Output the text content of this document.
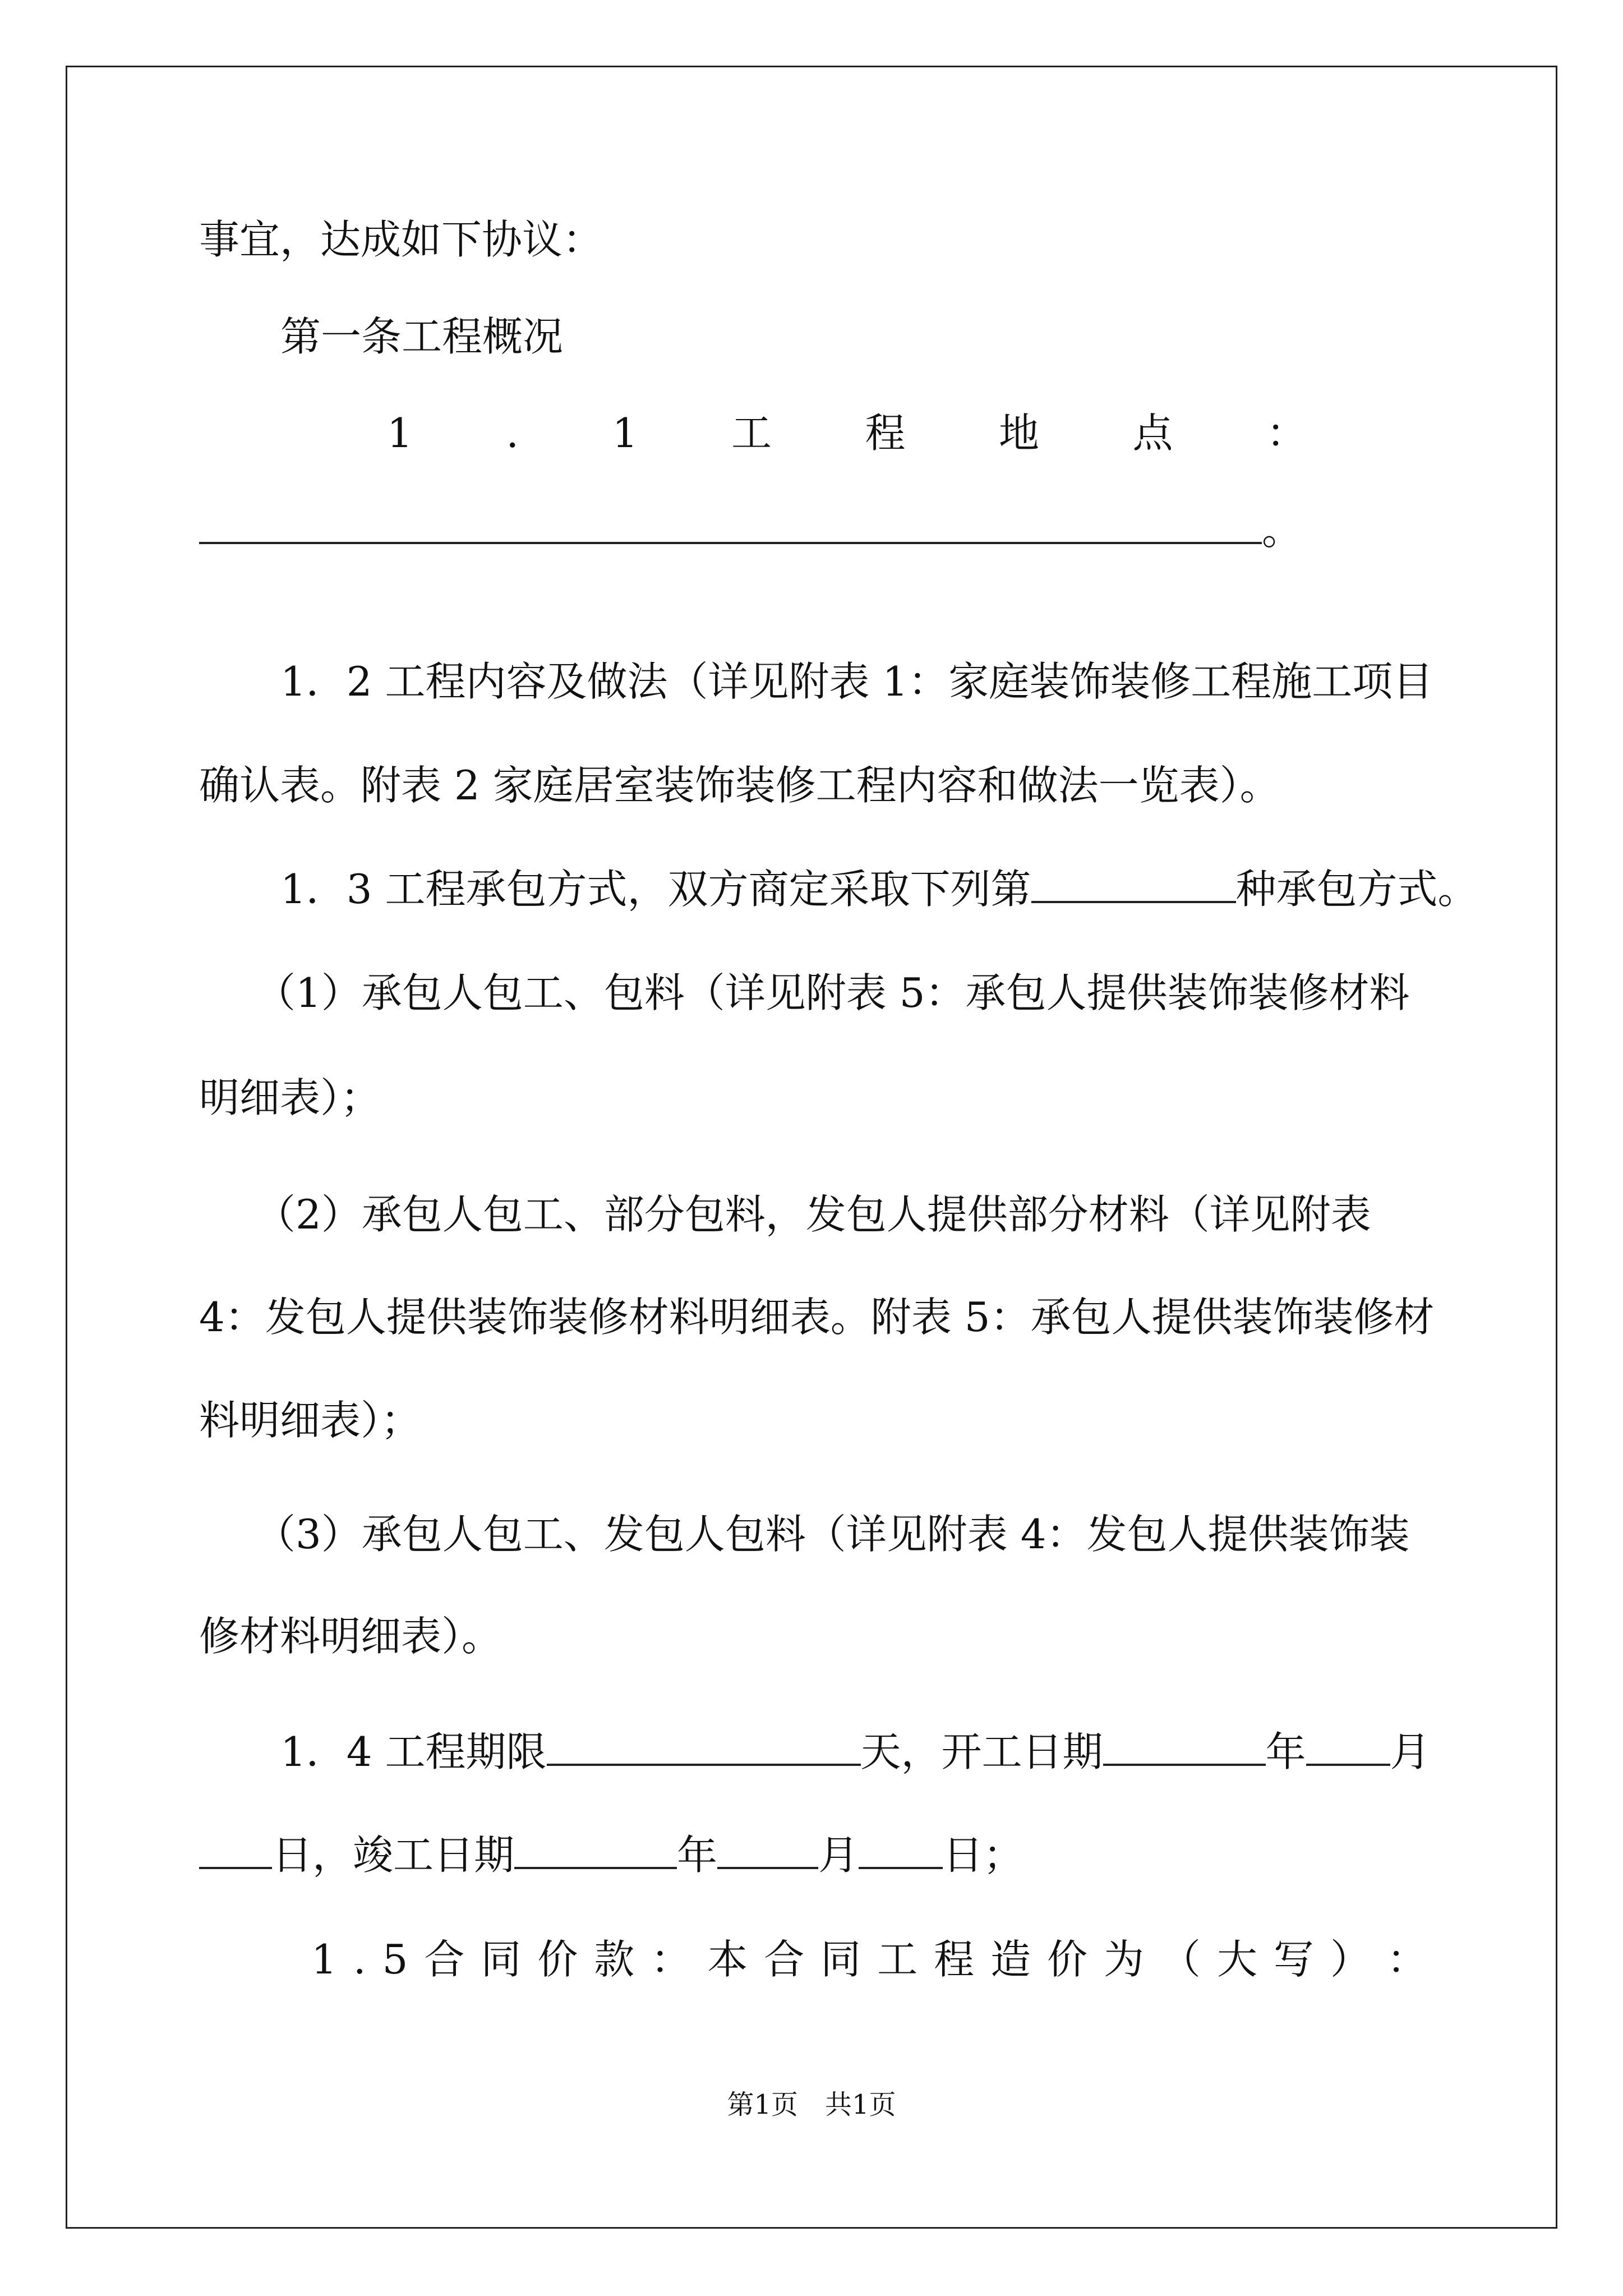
事宜，达成如下协议：
第一条工程概况
1 . 1 工 程 地 点 ：
。
1．2 工程内容及做法（详见附表 1：家庭装饰装修工程施工项目
确认表。附表 2 家庭居室装饰装修工程内容和做法一览表）。
1．3 工程承包方式，双方商定采取下列第	种承包方式。
（1）承包人包工、包料（详见附表 5：承包人提供装饰装修材料
明细表）；
（2）承包人包工、部分包料，发包人提供部分材料（详见附表
4：发包人提供装饰装修材料明细表。附表 5：承包人提供装饰装修材
料明细表）；
（3）承包人包工、发包人包料（详见附表 4：发包人提供装饰装
修材料明细表）。
1．4 工程期限	天，开工日期	年 月
日，竣工日期	年	月 日；
1 . 5 合 同 价 款 ： 本 合 同 工 程 造 价 为 （ 大 写 ） ：
第1页　共1页
